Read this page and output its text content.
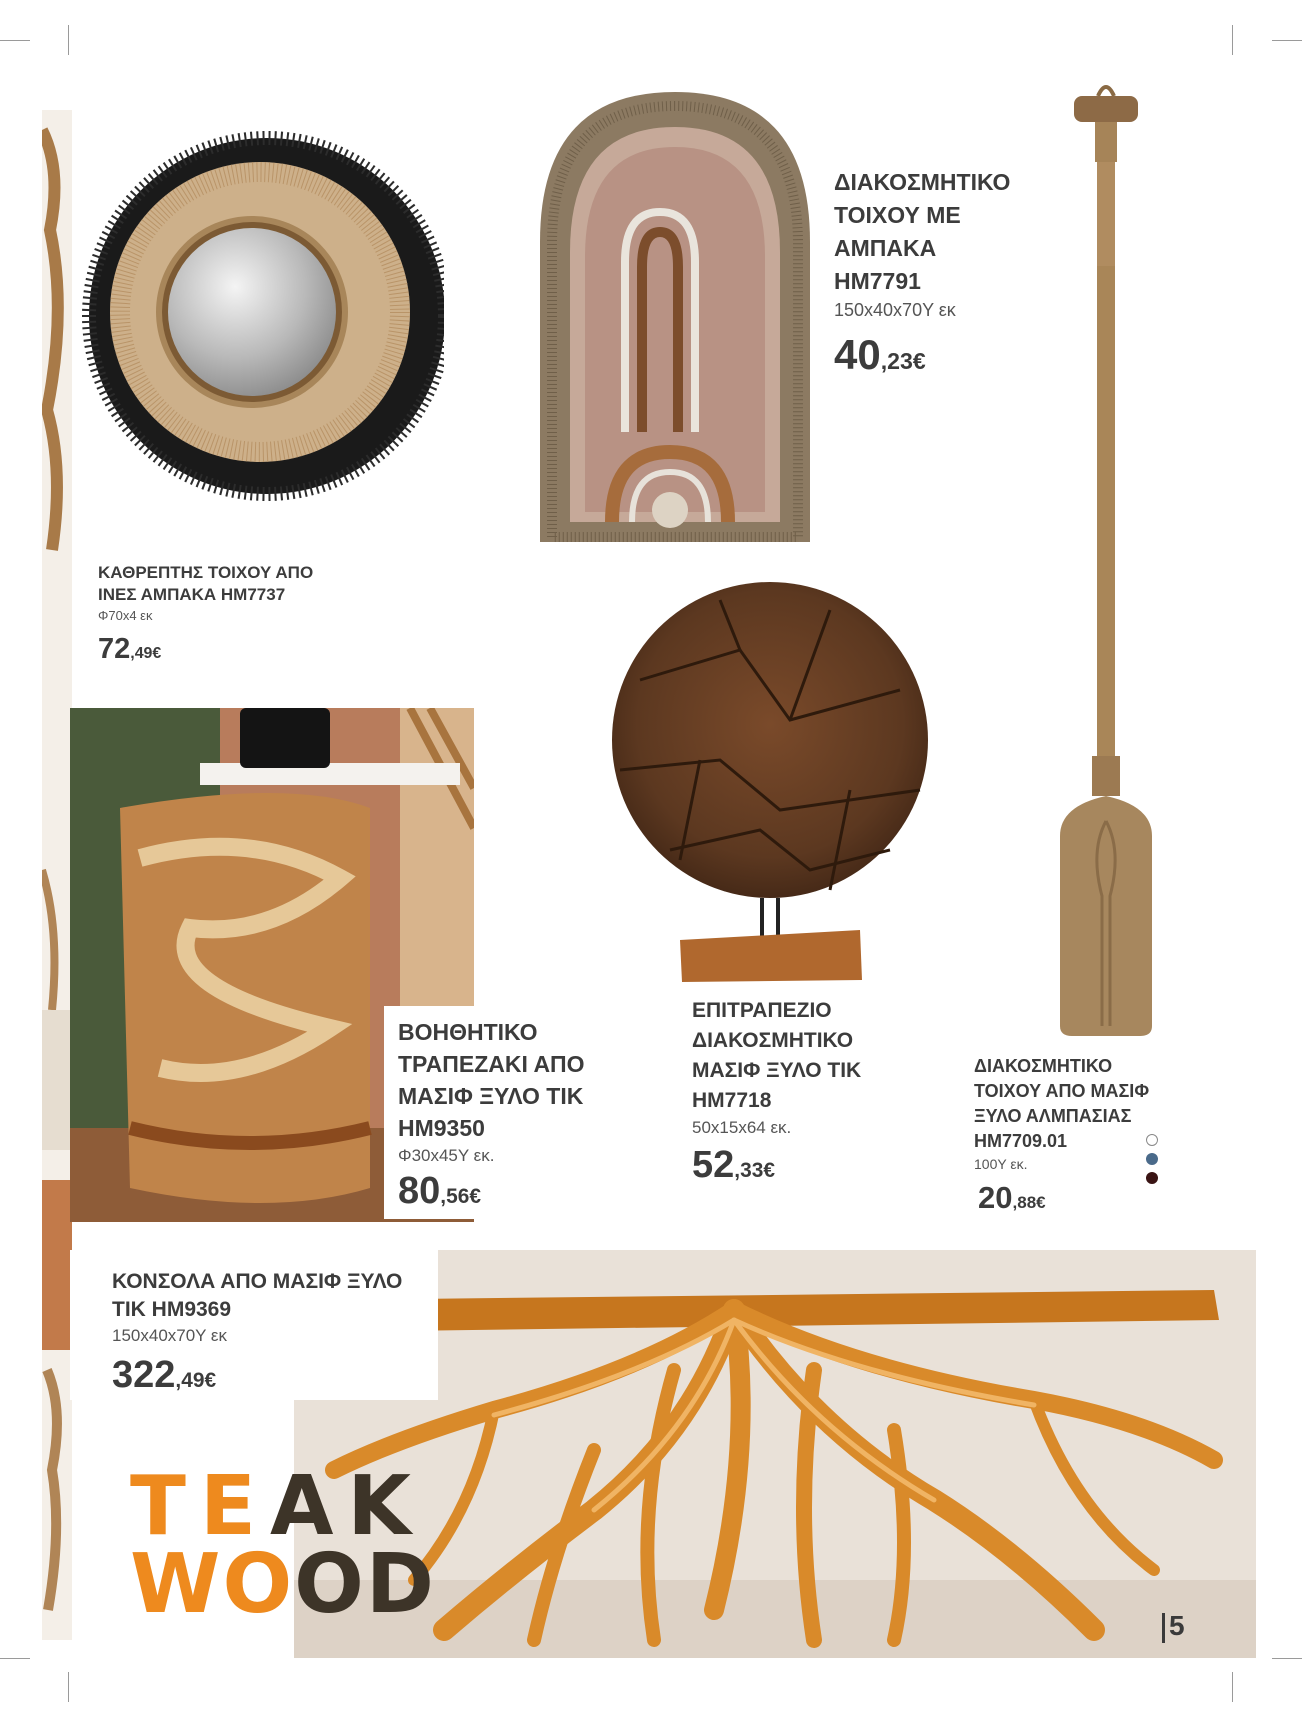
ΚΑΘΡΕΠΤΗΣ ΤΟΙΧΟΥ ΑΠΟ
ΙΝΕΣ ΑΜΠΑΚΑ HM7737
Φ70x4 εκ
72,49€
ΔΙΑΚΟΣΜΗΤΙΚΟ
ΤΟΙΧΟΥ ΜΕ
ΑΜΠΑΚΑ
HM7791
150x40x70Υ εκ
40,23€
ΒΟΗΘΗΤΙΚΟ
ΤΡΑΠΕΖΑΚΙ ΑΠΟ
ΜΑΣΙΦ ΞΥΛΟ ΤΙΚ
HM9350
Φ30x45Υ εκ.
80,56€
ΕΠΙΤΡΑΠΕΖΙΟ
ΔΙΑΚΟΣΜΗΤΙΚΟ
ΜΑΣΙΦ ΞΥΛΟ ΤΙΚ
HM7718
50x15x64 εκ.
52,33€
ΔΙΑΚΟΣΜΗΤΙΚΟ
ΤΟΙΧΟΥ ΑΠΟ ΜΑΣΙΦ
ΞΥΛΟ ΑΛΜΠΑΣΙΑΣ
HM7709.01
100Υ εκ.
20,88€
ΚΟΝΣΟΛΑ ΑΠΟ ΜΑΣΙΦ ΞΥΛΟ
ΤΙΚ HM9369
150x40x70Υ εκ
322,49€
TEAK
WOOD	5
